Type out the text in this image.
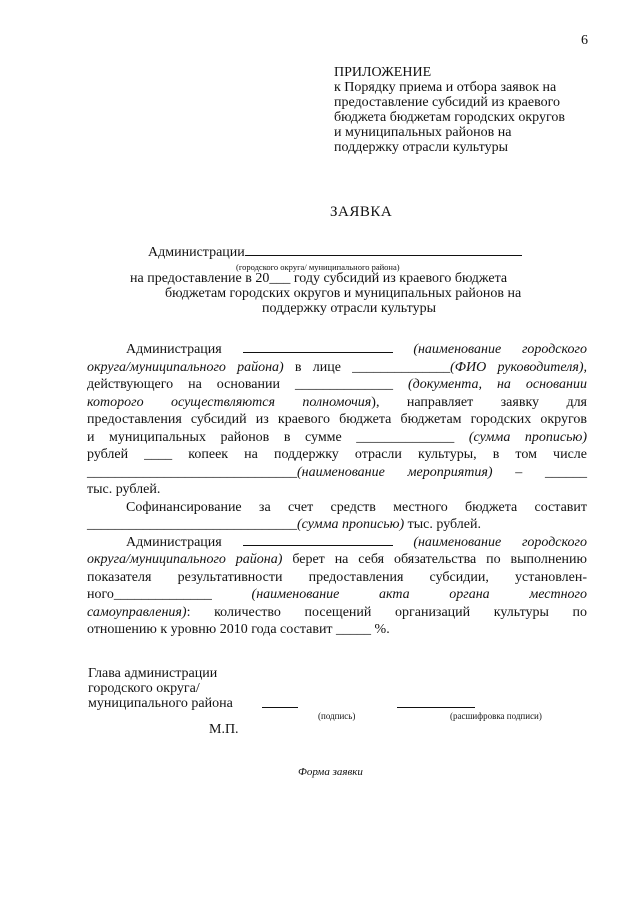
6
ПРИЛОЖЕНИЕ
к Порядку приема и отбора заявок на
предоставление субсидий из краевого
бюджета бюджетам городских округов
и муниципальных районов на
поддержку отрасли культуры
ЗАЯВКА
Администрации
(городского округа/ муниципального района)
на предоставление в 20___ году субсидий из краевого бюджета
бюджетам городских округов и муниципальных районов на
поддержку отрасли культуры
Администрация	(наименование городского
округа/муниципального района) в лице ______________(ФИО руководителя),
действующего на основании ______________ (документа, на основании
которого осуществляются полномочия), направляет заявку для
предоставления субсидий из краевого бюджета бюджетам городских округов
и муниципальных районов в сумме ______________ (сумма прописью)
рублей ____ копеек на поддержку отрасли культуры, в том числе
______________________________(наименование мероприятия) – ______
тыс. рублей.
Софинансирование за счет средств местного бюджета составит
______________________________(сумма прописью) тыс. рублей.
Администрация	(наименование городского
округа/муниципального района) берет на себя обязательства по выполнению
показателя результативности предоставления субсидии, установлен-
ного______________	(наименование акта органа местного
самоуправления): количество посещений организаций культуры по
отношению к уровню 2010 года составит _____ %.
Глава администрации
городского округа/
муниципального района
(подпись)	(расшифровка подписи)
М.П.
Форма заявки
